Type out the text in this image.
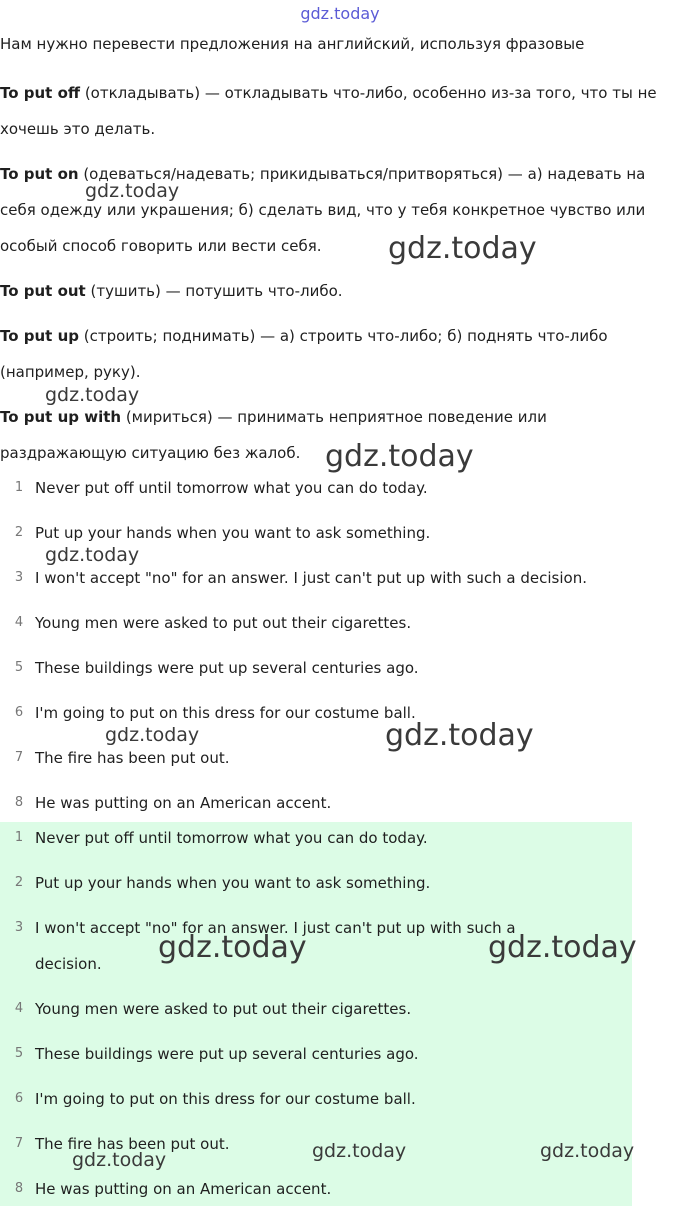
gdz.today

Нам нужно перевести предложения на английский, используя фразовые

To put off (откладывать) — откладывать что-либо, особенно из-за того, что ты не хочешь это делать.

To put on (одеваться/надевать; прикидываться/притворяться) — а) надевать на себя одежду или украшения; б) сделать вид, что у тебя конкретное чувство или особый способ говорить или вести себя.

To put out (тушить) — потушить что-либо.

To put up (строить; поднимать) — а) строить что-либо; б) поднять что-либо (например, руку).

To put up with (мириться) — принимать неприятное поведение или раздражающую ситуацию без жалоб.

1 Never put off until tomorrow what you can do today.
2 Put up your hands when you want to ask something.
3 I won't accept "no" for an answer. I just can't put up with such a decision.
4 Young men were asked to put out their cigarettes.
5 These buildings were put up several centuries ago.
6 I'm going to put on this dress for our costume ball.
7 The fire has been put out.
8 He was putting on an American accent.
1 Never put off until tomorrow what you can do today.
2 Put up your hands when you want to ask something.
3 I won't accept "no" for an answer. I just can't put up with such a decision.
4 Young men were asked to put out their cigarettes.
5 These buildings were put up several centuries ago.
6 I'm going to put on this dress for our costume ball.
7 The fire has been put out.
8 He was putting on an American accent.
gdz.today
gdz.today
gdz.today
gdz.today
gdz.today
gdz.today	gdz.today
gdz.today	gdz.today
gdz.today	gdz.today	gdz.today
